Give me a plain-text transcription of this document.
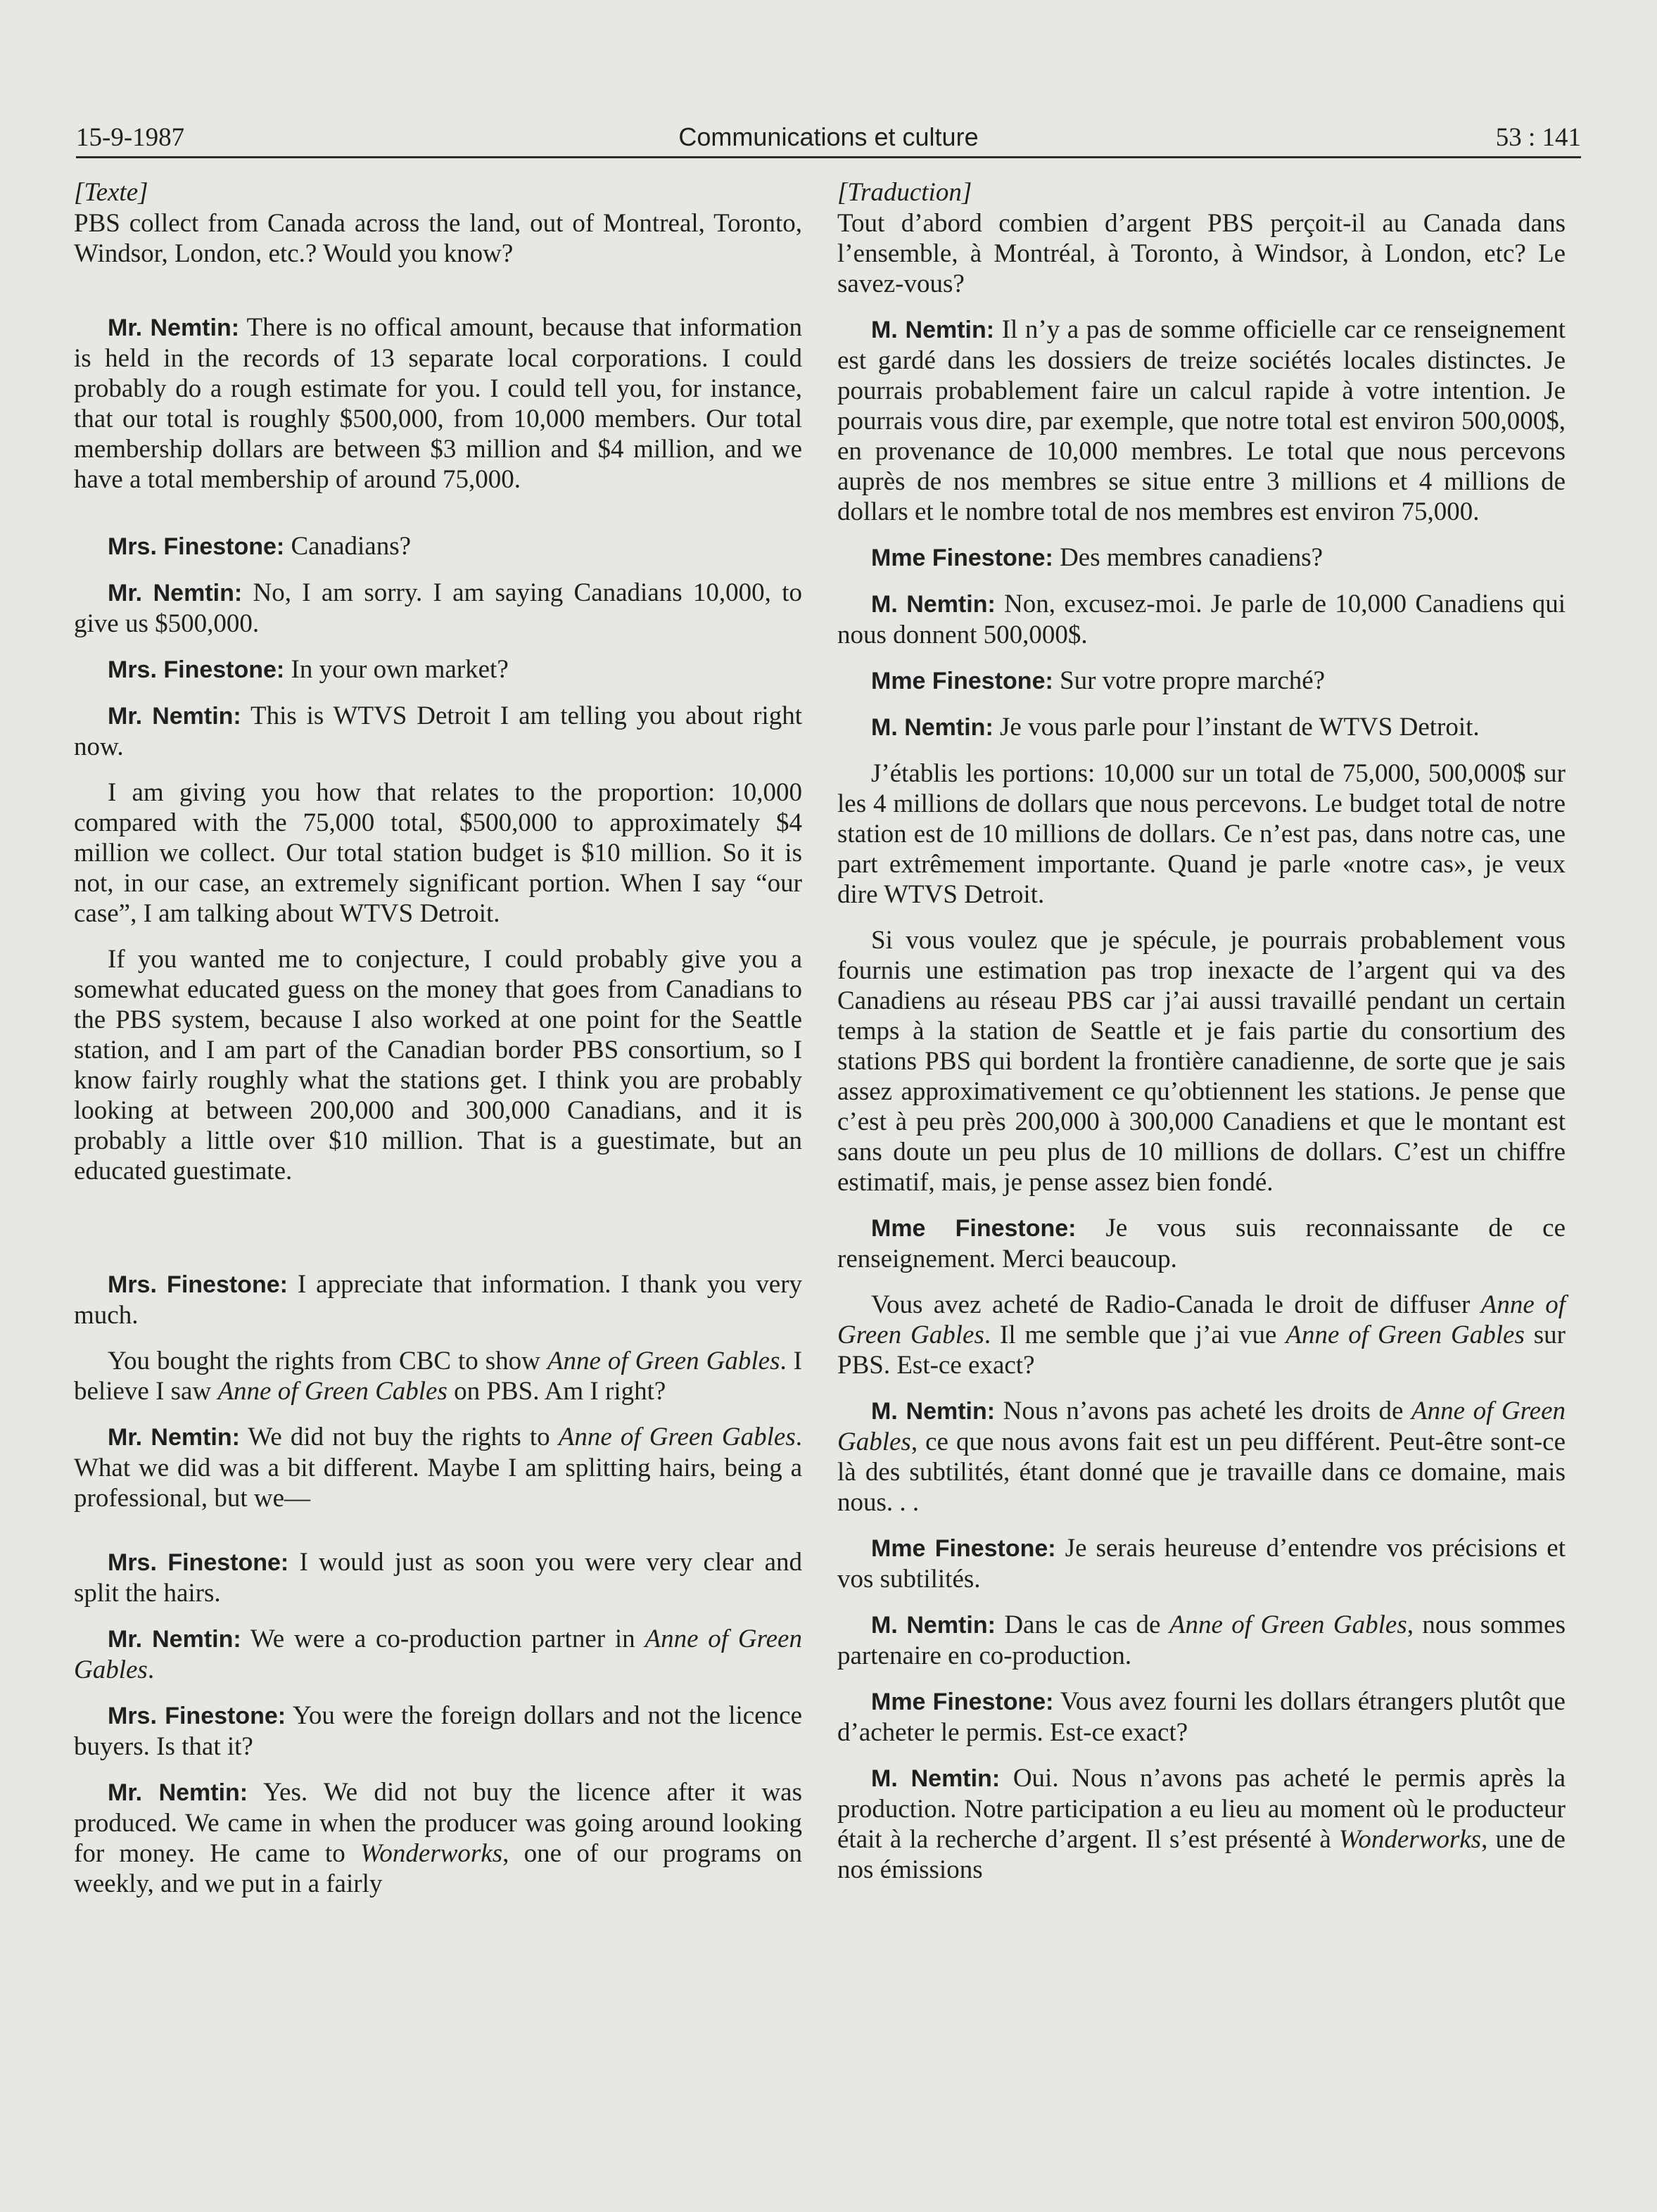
15-9-1987	Communications et culture	53 : 141
[Texte]

PBS collect from Canada across the land, out of Montreal, Toronto, Windsor, London, etc.? Would you know?

Mr. Nemtin: There is no offical amount, because that information is held in the records of 13 separate local corporations. I could probably do a rough estimate for you. I could tell you, for instance, that our total is roughly $500,000, from 10,000 members. Our total membership dollars are between $3 million and $4 million, and we have a total membership of around 75,000.

Mrs. Finestone: Canadians?

Mr. Nemtin: No, I am sorry. I am saying Canadians 10,000, to give us $500,000.

Mrs. Finestone: In your own market?

Mr. Nemtin: This is WTVS Detroit I am telling you about right now.

I am giving you how that relates to the proportion: 10,000 compared with the 75,000 total, $500,000 to approximately $4 million we collect. Our total station budget is $10 million. So it is not, in our case, an extremely significant portion. When I say “our case”, I am talking about WTVS Detroit.

If you wanted me to conjecture, I could probably give you a somewhat educated guess on the money that goes from Canadians to the PBS system, because I also worked at one point for the Seattle station, and I am part of the Canadian border PBS consortium, so I know fairly roughly what the stations get. I think you are probably looking at between 200,000 and 300,000 Canadians, and it is probably a little over $10 million. That is a guestimate, but an educated guestimate.

Mrs. Finestone: I appreciate that information. I thank you very much.

You bought the rights from CBC to show Anne of Green Gables. I believe I saw Anne of Green Cables on PBS. Am I right?

Mr. Nemtin: We did not buy the rights to Anne of Green Gables. What we did was a bit different. Maybe I am splitting hairs, being a professional, but we—

Mrs. Finestone: I would just as soon you were very clear and split the hairs.

Mr. Nemtin: We were a co-production partner in Anne of Green Gables.

Mrs. Finestone: You were the foreign dollars and not the licence buyers. Is that it?

Mr. Nemtin: Yes. We did not buy the licence after it was produced. We came in when the producer was going around looking for money. He came to Wonderworks, one of our programs on weekly, and we put in a fairly

[Traduction]

Tout d’abord combien d’argent PBS perçoit-il au Canada dans l’ensemble, à Montréal, à Toronto, à Windsor, à London, etc? Le savez-vous?

M. Nemtin: Il n’y a pas de somme officielle car ce renseignement est gardé dans les dossiers de treize sociétés locales distinctes. Je pourrais probablement faire un calcul rapide à votre intention. Je pourrais vous dire, par exemple, que notre total est environ 500,000$, en provenance de 10,000 membres. Le total que nous percevons auprès de nos membres se situe entre 3 millions et 4 millions de dollars et le nombre total de nos membres est environ 75,000.

Mme Finestone: Des membres canadiens?

M. Nemtin: Non, excusez-moi. Je parle de 10,000 Canadiens qui nous donnent 500,000$.

Mme Finestone: Sur votre propre marché?

M. Nemtin: Je vous parle pour l’instant de WTVS Detroit.

J’établis les portions: 10,000 sur un total de 75,000, 500,000$ sur les 4 millions de dollars que nous percevons. Le budget total de notre station est de 10 millions de dollars. Ce n’est pas, dans notre cas, une part extrêmement importante. Quand je parle «notre cas», je veux dire WTVS Detroit.

Si vous voulez que je spécule, je pourrais probablement vous fournis une estimation pas trop inexacte de l’argent qui va des Canadiens au réseau PBS car j’ai aussi travaillé pendant un certain temps à la station de Seattle et je fais partie du consortium des stations PBS qui bordent la frontière canadienne, de sorte que je sais assez approximativement ce qu’obtiennent les stations. Je pense que c’est à peu près 200,000 à 300,000 Canadiens et que le montant est sans doute un peu plus de 10 millions de dollars. C’est un chiffre estimatif, mais, je pense assez bien fondé.

Mme Finestone: Je vous suis reconnaissante de ce renseignement. Merci beaucoup.

Vous avez acheté de Radio-Canada le droit de diffuser Anne of Green Gables. Il me semble que j’ai vue Anne of Green Gables sur PBS. Est-ce exact?

M. Nemtin: Nous n’avons pas acheté les droits de Anne of Green Gables, ce que nous avons fait est un peu différent. Peut-être sont-ce là des subtilités, étant donné que je travaille dans ce domaine, mais nous. . .

Mme Finestone: Je serais heureuse d’entendre vos précisions et vos subtilités.

M. Nemtin: Dans le cas de Anne of Green Gables, nous sommes partenaire en co-production.

Mme Finestone: Vous avez fourni les dollars étrangers plutôt que d’acheter le permis. Est-ce exact?

M. Nemtin: Oui. Nous n’avons pas acheté le permis après la production. Notre participation a eu lieu au moment où le producteur était à la recherche d’argent. Il s’est présenté à Wonderworks, une de nos émissions
